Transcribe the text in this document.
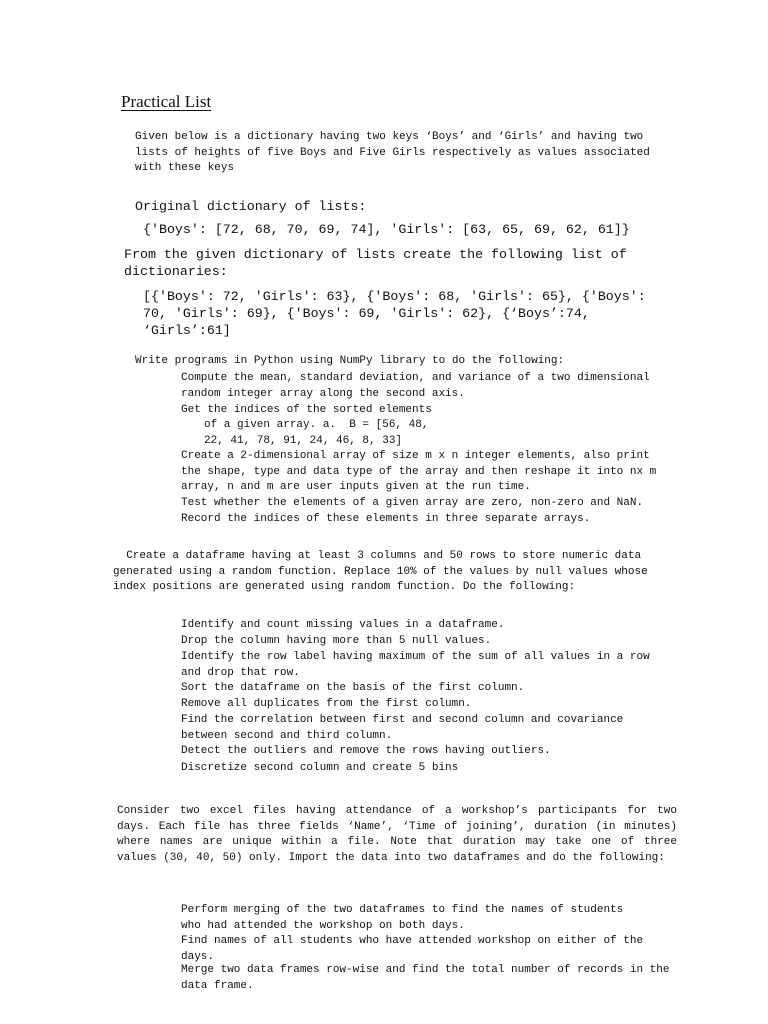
Practical List

Given below is a dictionary having two keys ‘Boys’ and ‘Girls’ and having two
lists of heights of five Boys and Five Girls respectively as values associated
with these keys

Original dictionary of lists:

{'Boys': [72, 68, 70, 69, 74], 'Girls': [63, 65, 69, 62, 61]}

From the given dictionary of lists create the following list of
dictionaries:

[{'Boys': 72, 'Girls': 63}, {'Boys': 68, 'Girls': 65}, {'Boys':
70, 'Girls': 69}, {'Boys': 69, 'Girls': 62}, {‘Boys’:74,
‘Girls’:61]

Write programs in Python using NumPy library to do the following:

Compute the mean, standard deviation, and variance of a two dimensional
random integer array along the second axis.

Get the indices of the sorted elements

of a given array. a.  B = [56, 48,
22, 41, 78, 91, 24, 46, 8, 33]

Create a 2-dimensional array of size m x n integer elements, also print
the shape, type and data type of the array and then reshape it into nx m
array, n and m are user inputs given at the run time.

Test whether the elements of a given array are zero, non-zero and NaN.
Record the indices of these elements in three separate arrays.

Create a dataframe having at least 3 columns and 50 rows to store numeric data
generated using a random function. Replace 10% of the values by null values whose
index positions are generated using random function. Do the following:

Identify and count missing values in a dataframe.

Drop the column having more than 5 null values.

Identify the row label having maximum of the sum of all values in a row
and drop that row.

Sort the dataframe on the basis of the first column.

Remove all duplicates from the first column.

Find the correlation between first and second column and covariance
between second and third column.

Detect the outliers and remove the rows having outliers.

Discretize second column and create 5 bins

Consider two excel files having attendance of a workshop’s participants for two days. Each file has three fields ‘Name’, ‘Time of joining’, duration (in minutes) where names are unique within a file. Note that duration may take one of three values (30, 40, 50) only. Import the data into two dataframes and do the following:

Perform merging of the two dataframes to find the names of students
who had attended the workshop on both days.

Find names of all students who have attended workshop on either of the
days.

Merge two data frames row-wise and find the total number of records in the
data frame.
